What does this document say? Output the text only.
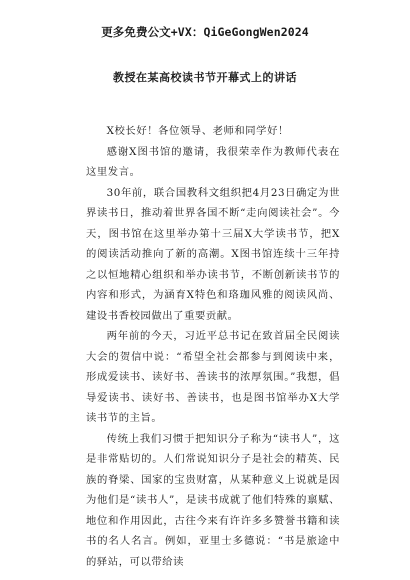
更多免费公文+VX：QiGeGongWen2024
教授在某高校读书节开幕式上的讲话

X校长好！各位领导、老师和同学好！

感谢X图书馆的邀请，我很荣幸作为教师代表在这里发言。

30年前，联合国教科文组织把4月23日确定为世界读书日，推动着世界各国不断“走向阅读社会”。今天，图书馆在这里举办第十三届X大学读书节，把X的阅读活动推向了新的高潮。X图书馆连续十三年持之以恒地精心组织和举办读书节，不断创新读书节的内容和形式，为涵育X特色和珞珈风雅的阅读风尚、建设书香校园做出了重要贡献。

两年前的今天，习近平总书记在致首届全民阅读大会的贺信中说：“希望全社会都参与到阅读中来，形成爱读书、读好书、善读书的浓厚氛围。”我想，倡导爱读书、读好书、善读书，也是图书馆举办X大学读书节的主旨。

传统上我们习惯于把知识分子称为“读书人”，这是非常贴切的。人们常说知识分子是社会的精英、民族的脊梁、国家的宝贵财富，从某种意义上说就是因为他们是“读书人”，是读书成就了他们特殊的禀赋、地位和作用因此，古往今来有许许多多赞誉书籍和读书的名人名言。例如，亚里士多德说：“书是旅途中的驿站，可以带给读
